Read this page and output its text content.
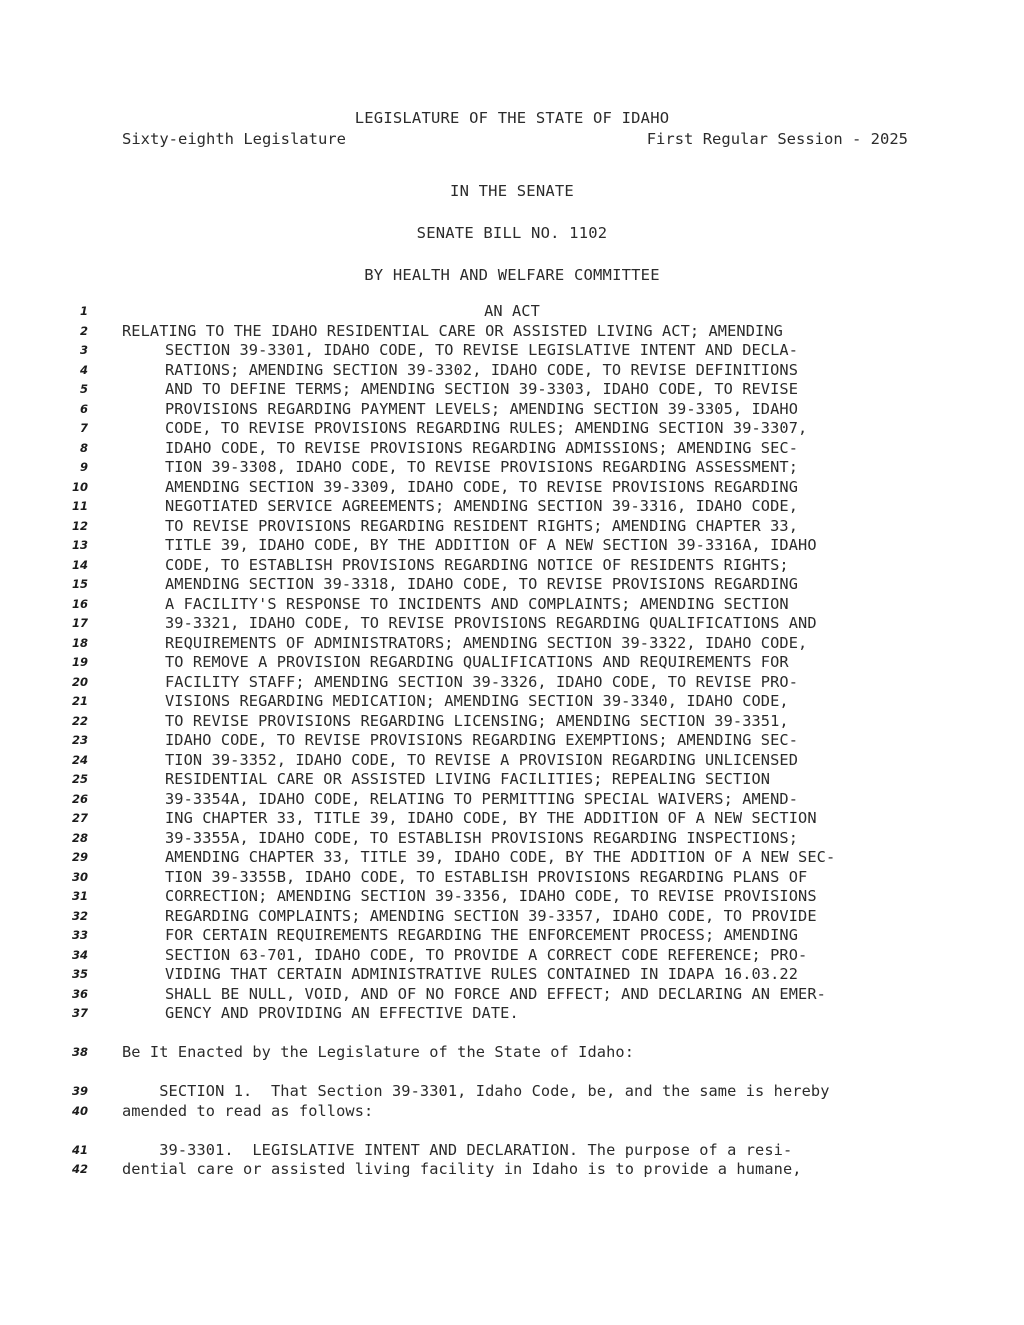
LEGISLATURE OF THE STATE OF IDAHO

Sixty-eighth Legislature

	First Regular Session - 2025

IN THE SENATE
SENATE BILL NO. 1102
BY HEALTH AND WELFARE COMMITTEE
1	AN ACT
2 RELATING TO THE IDAHO RESIDENTIAL CARE OR ASSISTED LIVING ACT; AMENDING
3	SECTION 39-3301, IDAHO CODE, TO REVISE LEGISLATIVE INTENT AND DECLA-
4	RATIONS; AMENDING SECTION 39-3302, IDAHO CODE, TO REVISE DEFINITIONS
5	AND TO DEFINE TERMS; AMENDING SECTION 39-3303, IDAHO CODE, TO REVISE
6	PROVISIONS REGARDING PAYMENT LEVELS; AMENDING SECTION 39-3305, IDAHO
7	CODE, TO REVISE PROVISIONS REGARDING RULES; AMENDING SECTION 39-3307,
8	IDAHO CODE, TO REVISE PROVISIONS REGARDING ADMISSIONS; AMENDING SEC-
9	TION 39-3308, IDAHO CODE, TO REVISE PROVISIONS REGARDING ASSESSMENT;
10	AMENDING SECTION 39-3309, IDAHO CODE, TO REVISE PROVISIONS REGARDING
11	NEGOTIATED SERVICE AGREEMENTS; AMENDING SECTION 39-3316, IDAHO CODE,
12	TO REVISE PROVISIONS REGARDING RESIDENT RIGHTS; AMENDING CHAPTER 33,
13	TITLE 39, IDAHO CODE, BY THE ADDITION OF A NEW SECTION 39-3316A, IDAHO
14	CODE, TO ESTABLISH PROVISIONS REGARDING NOTICE OF RESIDENTS RIGHTS;
15	AMENDING SECTION 39-3318, IDAHO CODE, TO REVISE PROVISIONS REGARDING
16	A FACILITY'S RESPONSE TO INCIDENTS AND COMPLAINTS; AMENDING SECTION
17	39-3321, IDAHO CODE, TO REVISE PROVISIONS REGARDING QUALIFICATIONS AND
18	REQUIREMENTS OF ADMINISTRATORS; AMENDING SECTION 39-3322, IDAHO CODE,
19	TO REMOVE A PROVISION REGARDING QUALIFICATIONS AND REQUIREMENTS FOR
20	FACILITY STAFF; AMENDING SECTION 39-3326, IDAHO CODE, TO REVISE PRO-
21	VISIONS REGARDING MEDICATION; AMENDING SECTION 39-3340, IDAHO CODE,
22	TO REVISE PROVISIONS REGARDING LICENSING; AMENDING SECTION 39-3351,
23	IDAHO CODE, TO REVISE PROVISIONS REGARDING EXEMPTIONS; AMENDING SEC-
24	TION 39-3352, IDAHO CODE, TO REVISE A PROVISION REGARDING UNLICENSED
25	RESIDENTIAL CARE OR ASSISTED LIVING FACILITIES; REPEALING SECTION
26	39-3354A, IDAHO CODE, RELATING TO PERMITTING SPECIAL WAIVERS; AMEND-
27	ING CHAPTER 33, TITLE 39, IDAHO CODE, BY THE ADDITION OF A NEW SECTION
28	39-3355A, IDAHO CODE, TO ESTABLISH PROVISIONS REGARDING INSPECTIONS;
29	AMENDING CHAPTER 33, TITLE 39, IDAHO CODE, BY THE ADDITION OF A NEW SEC-
30	TION 39-3355B, IDAHO CODE, TO ESTABLISH PROVISIONS REGARDING PLANS OF
31	CORRECTION; AMENDING SECTION 39-3356, IDAHO CODE, TO REVISE PROVISIONS
32	REGARDING COMPLAINTS; AMENDING SECTION 39-3357, IDAHO CODE, TO PROVIDE
33	FOR CERTAIN REQUIREMENTS REGARDING THE ENFORCEMENT PROCESS; AMENDING
34	SECTION 63-701, IDAHO CODE, TO PROVIDE A CORRECT CODE REFERENCE; PRO-
35	VIDING THAT CERTAIN ADMINISTRATIVE RULES CONTAINED IN IDAPA 16.03.22
36	SHALL BE NULL, VOID, AND OF NO FORCE AND EFFECT; AND DECLARING AN EMER-
37	GENCY AND PROVIDING AN EFFECTIVE DATE.
38 Be It Enacted by the Legislature of the State of Idaho:
39 SECTION 1.  That Section 39-3301, Idaho Code, be, and the same is hereby
40 amended to read as follows:
41 39-3301.  LEGISLATIVE INTENT AND DECLARATION. The purpose of a resi-
42 dential care or assisted living facility in Idaho is to provide a humane,
